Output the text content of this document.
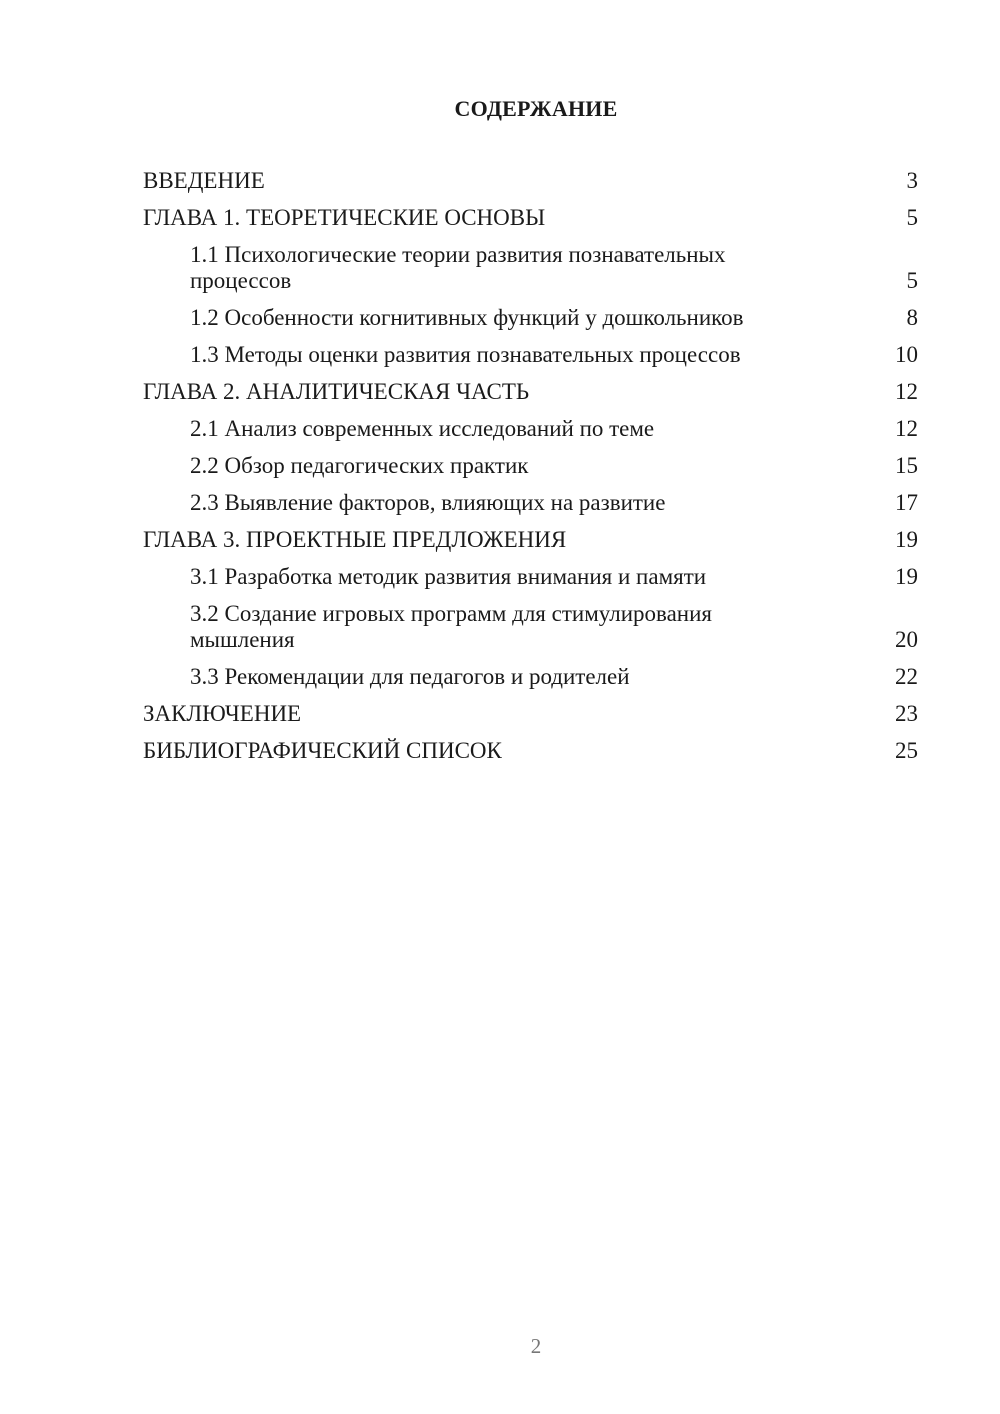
СОДЕРЖАНИЕ
ВВЕДЕНИЕ	3
ГЛАВА 1. ТЕОРЕТИЧЕСКИЕ ОСНОВЫ	5
1.1 Психологические теории развития познавательных процессов	5
1.2 Особенности когнитивных функций у дошкольников	8
1.3 Методы оценки развития познавательных процессов	10
ГЛАВА 2. АНАЛИТИЧЕСКАЯ ЧАСТЬ	12
2.1 Анализ современных исследований по теме	12
2.2 Обзор педагогических практик	15
2.3 Выявление факторов, влияющих на развитие	17
ГЛАВА 3. ПРОЕКТНЫЕ ПРЕДЛОЖЕНИЯ	19
3.1 Разработка методик развития внимания и памяти	19
3.2 Создание игровых программ для стимулирования мышления	20
3.3 Рекомендации для педагогов и родителей	22
ЗАКЛЮЧЕНИЕ	23
БИБЛИОГРАФИЧЕСКИЙ СПИСОК	25
2
